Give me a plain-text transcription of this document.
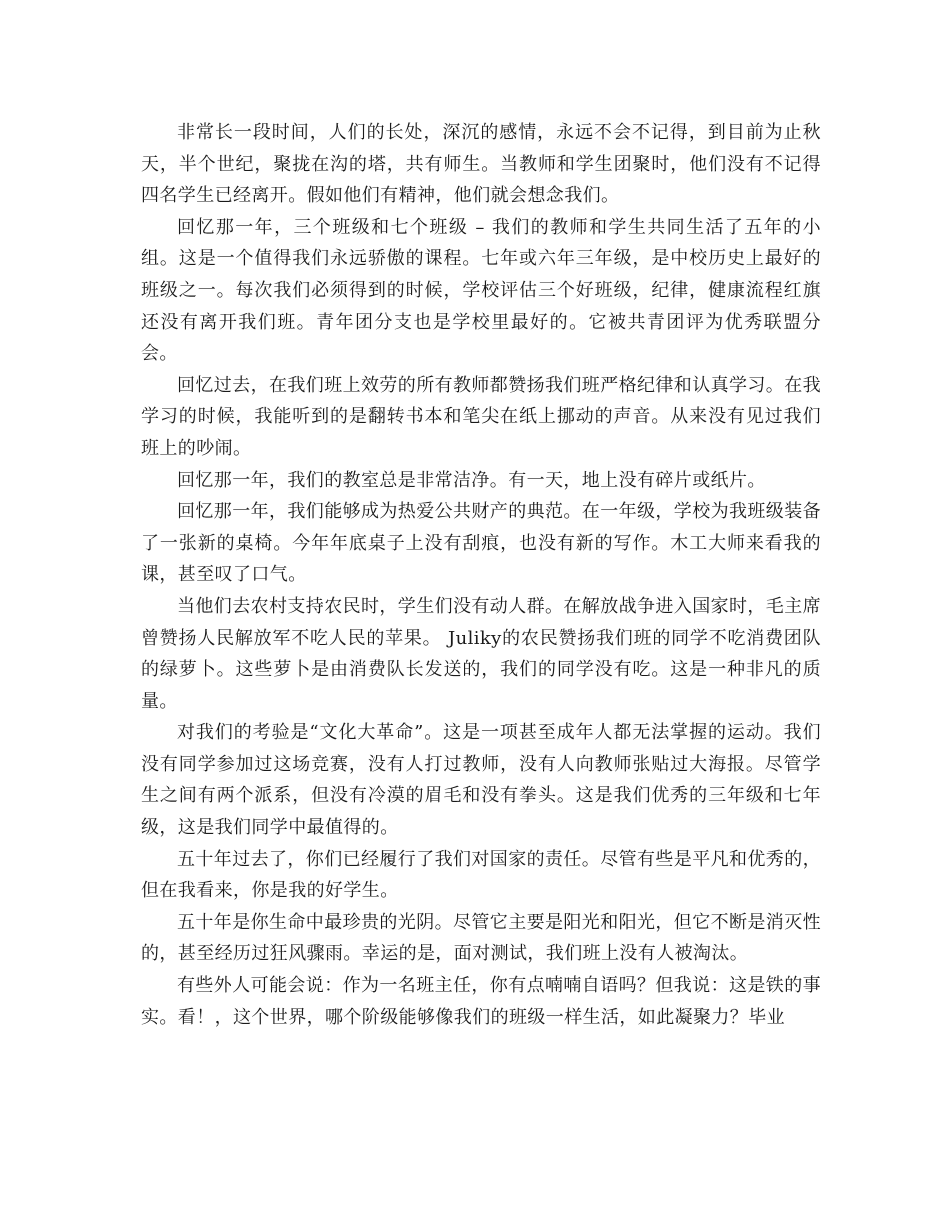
非常长一段时间，人们的长处，深沉的感情，永远不会不记得，到目前为止秋天，半个世纪，聚拢在沟的塔，共有师生。当教师和学生团聚时，他们没有不记得四名学生已经离开。假如他们有精神，他们就会想念我们。

回忆那一年，三个班级和七个班级 – 我们的教师和学生共同生活了五年的小组。这是一个值得我们永远骄傲的课程。七年或六年三年级，是中校历史上最好的班级之一。每次我们必须得到的时候，学校评估三个好班级，纪律，健康流程红旗还没有离开我们班。青年团分支也是学校里最好的。它被共青团评为优秀联盟分会。

回忆过去，在我们班上效劳的所有教师都赞扬我们班严格纪律和认真学习。在我学习的时候，我能听到的是翻转书本和笔尖在纸上挪动的声音。从来没有见过我们班上的吵闹。

回忆那一年，我们的教室总是非常洁净。有一天，地上没有碎片或纸片。

回忆那一年，我们能够成为热爱公共财产的典范。在一年级，学校为我班级装备了一张新的桌椅。今年年底桌子上没有刮痕，也没有新的写作。木工大师来看我的课，甚至叹了口气。

当他们去农村支持农民时，学生们没有动人群。在解放战争进入国家时，毛主席曾赞扬人民解放军不吃人民的苹果。 Juliky的农民赞扬我们班的同学不吃消费团队的绿萝卜。这些萝卜是由消费队长发送的，我们的同学没有吃。这是一种非凡的质量。

对我们的考验是“文化大革命”。这是一项甚至成年人都无法掌握的运动。我们没有同学参加过这场竞赛，没有人打过教师，没有人向教师张贴过大海报。尽管学生之间有两个派系，但没有冷漠的眉毛和没有拳头。这是我们优秀的三年级和七年级，这是我们同学中最值得的。

五十年过去了，你们已经履行了我们对国家的责任。尽管有些是平凡和优秀的，但在我看来，你是我的好学生。

五十年是你生命中最珍贵的光阴。尽管它主要是阳光和阳光，但它不断是消灭性的，甚至经历过狂风骤雨。幸运的是，面对测试，我们班上没有人被淘汰。

有些外人可能会说：作为一名班主任，你有点喃喃自语吗？但我说：这是铁的事实。看！，这个世界，哪个阶级能够像我们的班级一样生活，如此凝聚力？毕业
